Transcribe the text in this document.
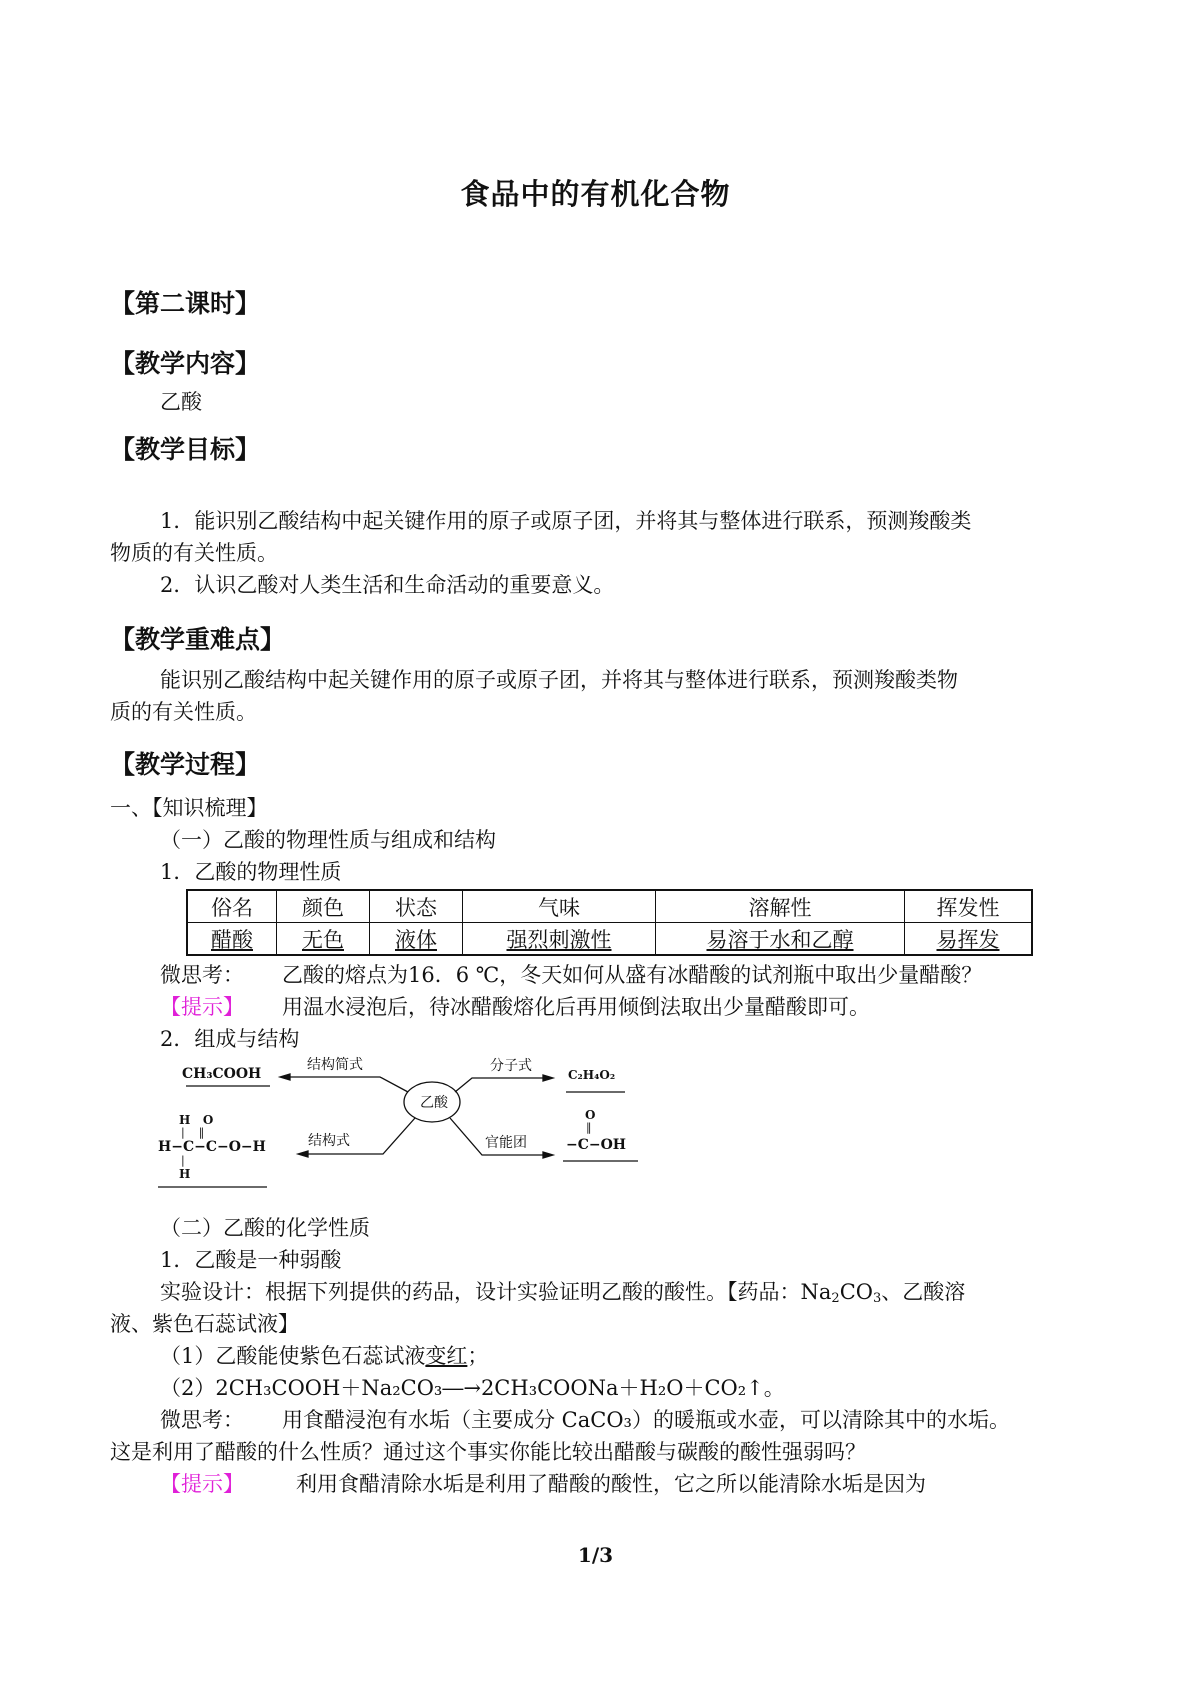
食品中的有机化合物
【第二课时】
【教学内容】
乙酸
【教学目标】
1．能识别乙酸结构中起关键作用的原子或原子团，并将其与整体进行联系，预测羧酸类
物质的有关性质。
2．认识乙酸对人类生活和生命活动的重要意义。
【教学重难点】
能识别乙酸结构中起关键作用的原子或原子团，并将其与整体进行联系，预测羧酸类物
质的有关性质。
【教学过程】
一、【知识梳理】
（一）乙酸的物理性质与组成和结构
1．乙酸的物理性质
俗名	颜色	状态	气味	溶解性	挥发性
醋酸	无色	液体	强烈刺激性	易溶于水和乙醇	易挥发
微思考： 乙酸的熔点为16．6 ℃，冬天如何从盛有冰醋酸的试剂瓶中取出少量醋酸？
【提示】 用温水浸泡后，待冰醋酸熔化后再用倾倒法取出少量醋酸即可。
2．组成与结构
乙酸
结构简式	分子式
结构式	官能团
CH₃COOH	C₂H₄O₂
O
‖
−C−OH
H   O
|    ‖
H−C−C−O−H
|
H
（二）乙酸的化学性质
1．乙酸是一种弱酸
实验设计：根据下列提供的药品，设计实验证明乙酸的酸性。【药品：$Na_2CO_3$、乙酸溶
液、紫色石蕊试液】
（1）乙酸能使紫色石蕊试液变红；
（2）2CH₃COOH＋Na₂CO₃―→2CH₃COONa＋H₂O＋CO₂↑。
微思考： 用食醋浸泡有水垢（主要成分 CaCO₃）的暖瓶或水壶，可以清除其中的水垢。
这是利用了醋酸的什么性质？通过这个事实你能比较出醋酸与碳酸的酸性强弱吗？
【提示】 利用食醋清除水垢是利用了醋酸的酸性，它之所以能清除水垢是因为
1/3
